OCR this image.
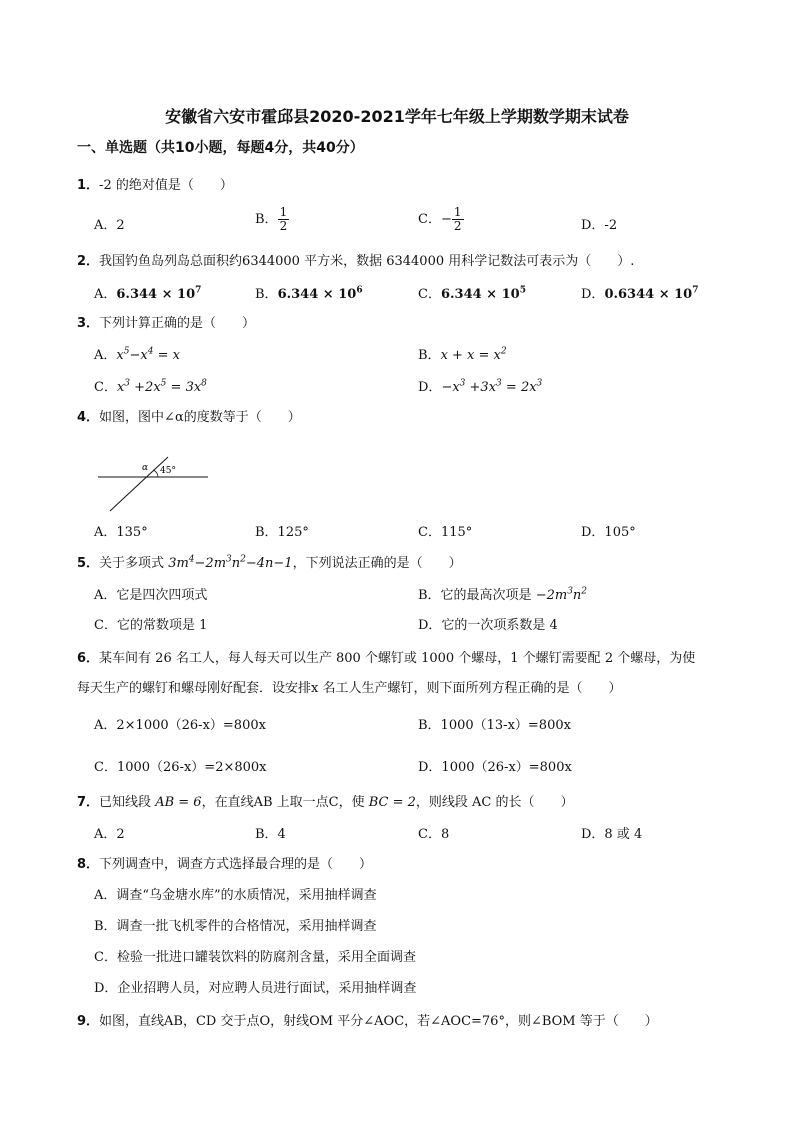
安徽省六安市霍邱县2020-2021学年七年级上学期数学期末试卷
一、单选题（共10小题，每题4分，共40分）
1．-2 的绝对值是（　　）
A．2	B． $\frac{1}{2}$	C．− $\frac{1}{2}$	D．-2
2．我国钓鱼岛列岛总面积约6344000 平方米，数据 6344000 用科学记数法可表示为（　　）.
A．$6.344 \times 10^7$	B．$6.344 \times 10^6$	C．$6.344 \times 10^5$	D．$0.6344 \times 10^7$
3．下列计算正确的是（　　）
A．$x^5-x^4 = x$	B．$x + x = x^2$
C．$x^3 +2x^5 = 3x^8$	D．$-x^3 +3x^3 = 2x^3$
4．如图，图中∠α的度数等于（　　）
α 45°
A．135°	B．125°	C．115°	D．105°
5．关于多项式 $3m^4-2m^3n^2-4n-1$，下列说法正确的是（　　）
A．它是四次四项式	B．它的最高次项是 $-2m^3n^2$
C．它的常数项是 1	D．它的一次项系数是 4
6．某车间有 26 名工人，每人每天可以生产 800 个螺钉或 1000 个螺母，1 个螺钉需要配 2 个螺母，为使
每天生产的螺钉和螺母刚好配套．设安排x 名工人生产螺钉，则下面所列方程正确的是（　　）
A．2×1000（26-x）=800x	B．1000（13-x）=800x
C．1000（26-x）=2×800x	D．1000（26-x）=800x
7．已知线段 AB = 6，在直线AB 上取一点C，使 BC = 2，则线段 AC 的长（　　）
A．2	B．4	C．8	D．8 或 4
8．下列调查中，调查方式选择最合理的是（　　）
A．调查“乌金塘水库”的水质情况，采用抽样调查
B．调查一批飞机零件的合格情况，采用抽样调查
C．检验一批进口罐装饮料的防腐剂含量，采用全面调查
D．企业招聘人员，对应聘人员进行面试，采用抽样调查
9．如图，直线AB，CD 交于点O，射线OM 平分∠AOC，若∠AOC=76°，则∠BOM 等于（　　）
